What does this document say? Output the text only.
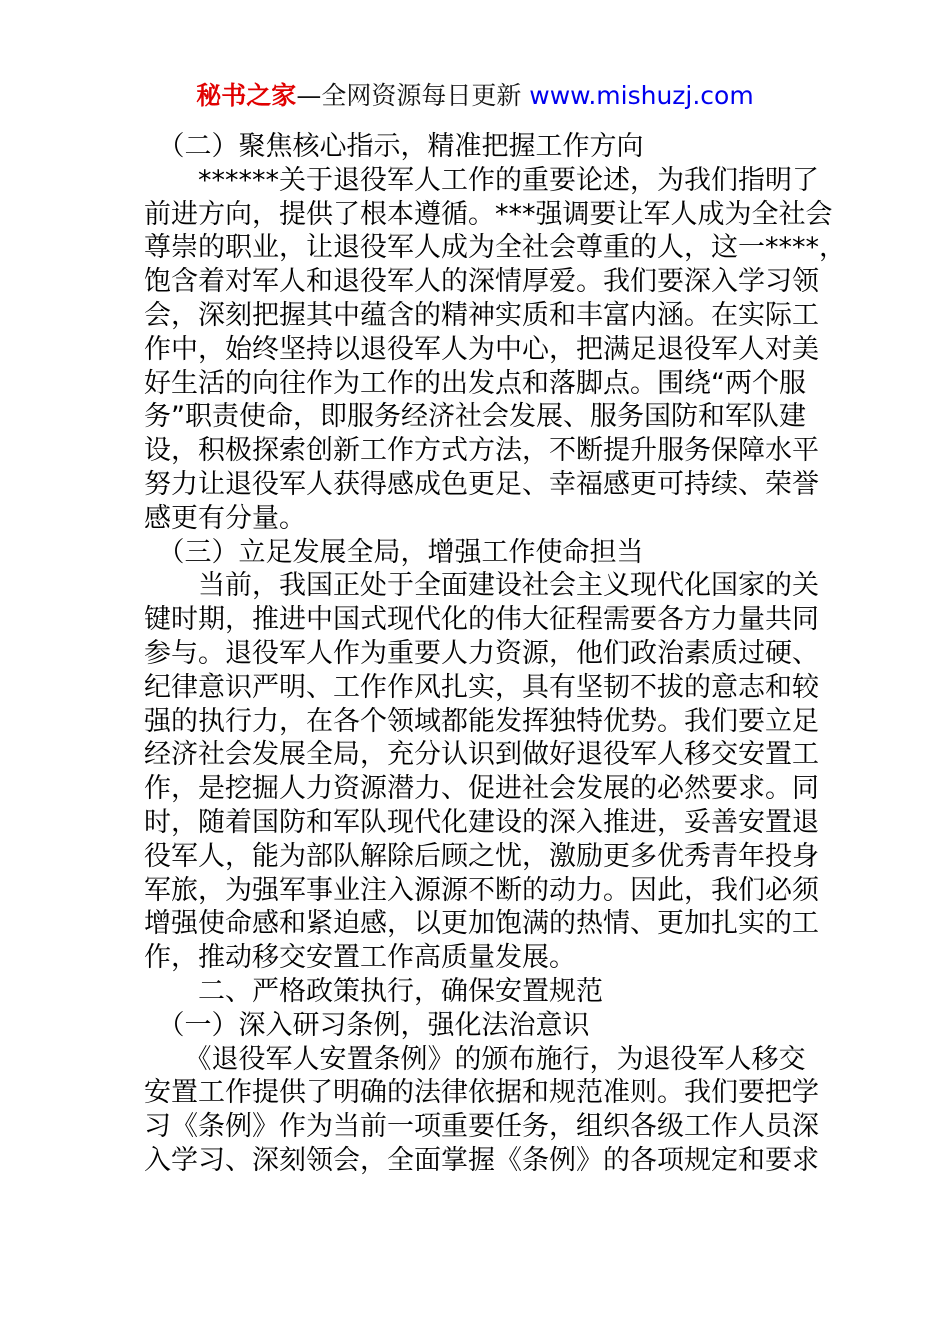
秘书之家—全网资源每日更新 www.mishuzj.com
　（二）聚焦核心指示，精准把握工作方向
　　******关于退役军人工作的重要论述，为我们指明了
前进方向，提供了根本遵循。***强调要让军人成为全社会
尊崇的职业，让退役军人成为全社会尊重的人，这一****，
饱含着对军人和退役军人的深情厚爱。我们要深入学习领
会，深刻把握其中蕴含的精神实质和丰富内涵。在实际工
作中，始终坚持以退役军人为中心，把满足退役军人对美
好生活的向往作为工作的出发点和落脚点。围绕“两个服
务”职责使命，即服务经济社会发展、服务国防和军队建
设，积极探索创新工作方式方法，不断提升服务保障水平
努力让退役军人获得感成色更足、幸福感更可持续、荣誉
感更有分量。
　（三）立足发展全局，增强工作使命担当
　　当前，我国正处于全面建设社会主义现代化国家的关
键时期，推进中国式现代化的伟大征程需要各方力量共同
参与。退役军人作为重要人力资源，他们政治素质过硬、
纪律意识严明、工作作风扎实，具有坚韧不拔的意志和较
强的执行力，在各个领域都能发挥独特优势。我们要立足
经济社会发展全局，充分认识到做好退役军人移交安置工
作，是挖掘人力资源潜力、促进社会发展的必然要求。同
时，随着国防和军队现代化建设的深入推进，妥善安置退
役军人，能为部队解除后顾之忧，激励更多优秀青年投身
军旅，为强军事业注入源源不断的动力。因此，我们必须
增强使命感和紧迫感，以更加饱满的热情、更加扎实的工
作，推动移交安置工作高质量发展。
　　二、严格政策执行，确保安置规范
　（一）深入研习条例，强化法治意识
　　《退役军人安置条例》的颁布施行，为退役军人移交
安置工作提供了明确的法律依据和规范准则。我们要把学
习《条例》作为当前一项重要任务，组织各级工作人员深
入学习、深刻领会，全面掌握《条例》的各项规定和要求
